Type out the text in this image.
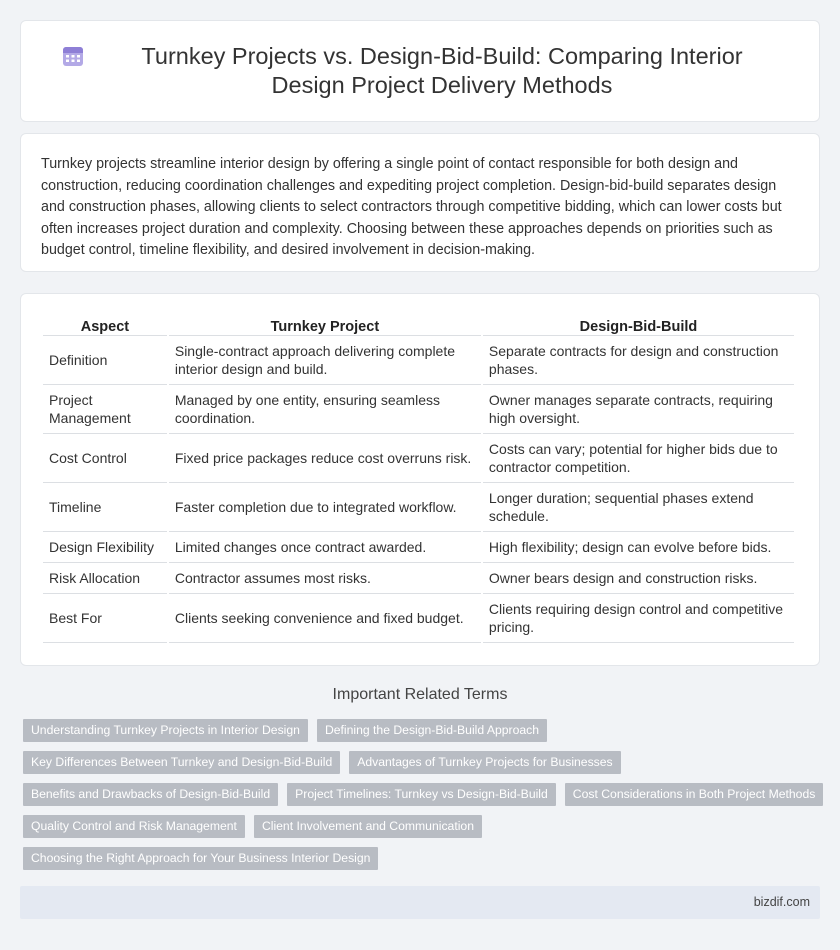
Turnkey Projects vs. Design-Bid-Build: Comparing Interior Design Project Delivery Methods

Turnkey projects streamline interior design by offering a single point of contact responsible for both design and construction, reducing coordination challenges and expediting project completion. Design-bid-build separates design and construction phases, allowing clients to select contractors through competitive bidding, which can lower costs but often increases project duration and complexity. Choosing between these approaches depends on priorities such as budget control, timeline flexibility, and desired involvement in decision-making.

Aspect	Turnkey Project	Design-Bid-Build
Definition	Single-contract approach delivering complete interior design and build.	Separate contracts for design and construction phases.
Project Management	Managed by one entity, ensuring seamless coordination.	Owner manages separate contracts, requiring high oversight.
Cost Control	Fixed price packages reduce cost overruns risk.	Costs can vary; potential for higher bids due to contractor competition.
Timeline	Faster completion due to integrated workflow.	Longer duration; sequential phases extend schedule.
Design Flexibility	Limited changes once contract awarded.	High flexibility; design can evolve before bids.
Risk Allocation	Contractor assumes most risks.	Owner bears design and construction risks.
Best For	Clients seeking convenience and fixed budget.	Clients requiring design control and competitive pricing.
Important Related Terms
Understanding Turnkey Projects in Interior Design	Defining the Design-Bid-Build Approach
Key Differences Between Turnkey and Design-Bid-Build	Advantages of Turnkey Projects for Businesses
Benefits and Drawbacks of Design-Bid-Build	Project Timelines: Turnkey vs Design-Bid-Build	Cost Considerations in Both Project Methods
Quality Control and Risk Management	Client Involvement and Communication
Choosing the Right Approach for Your Business Interior Design
bizdif.com
